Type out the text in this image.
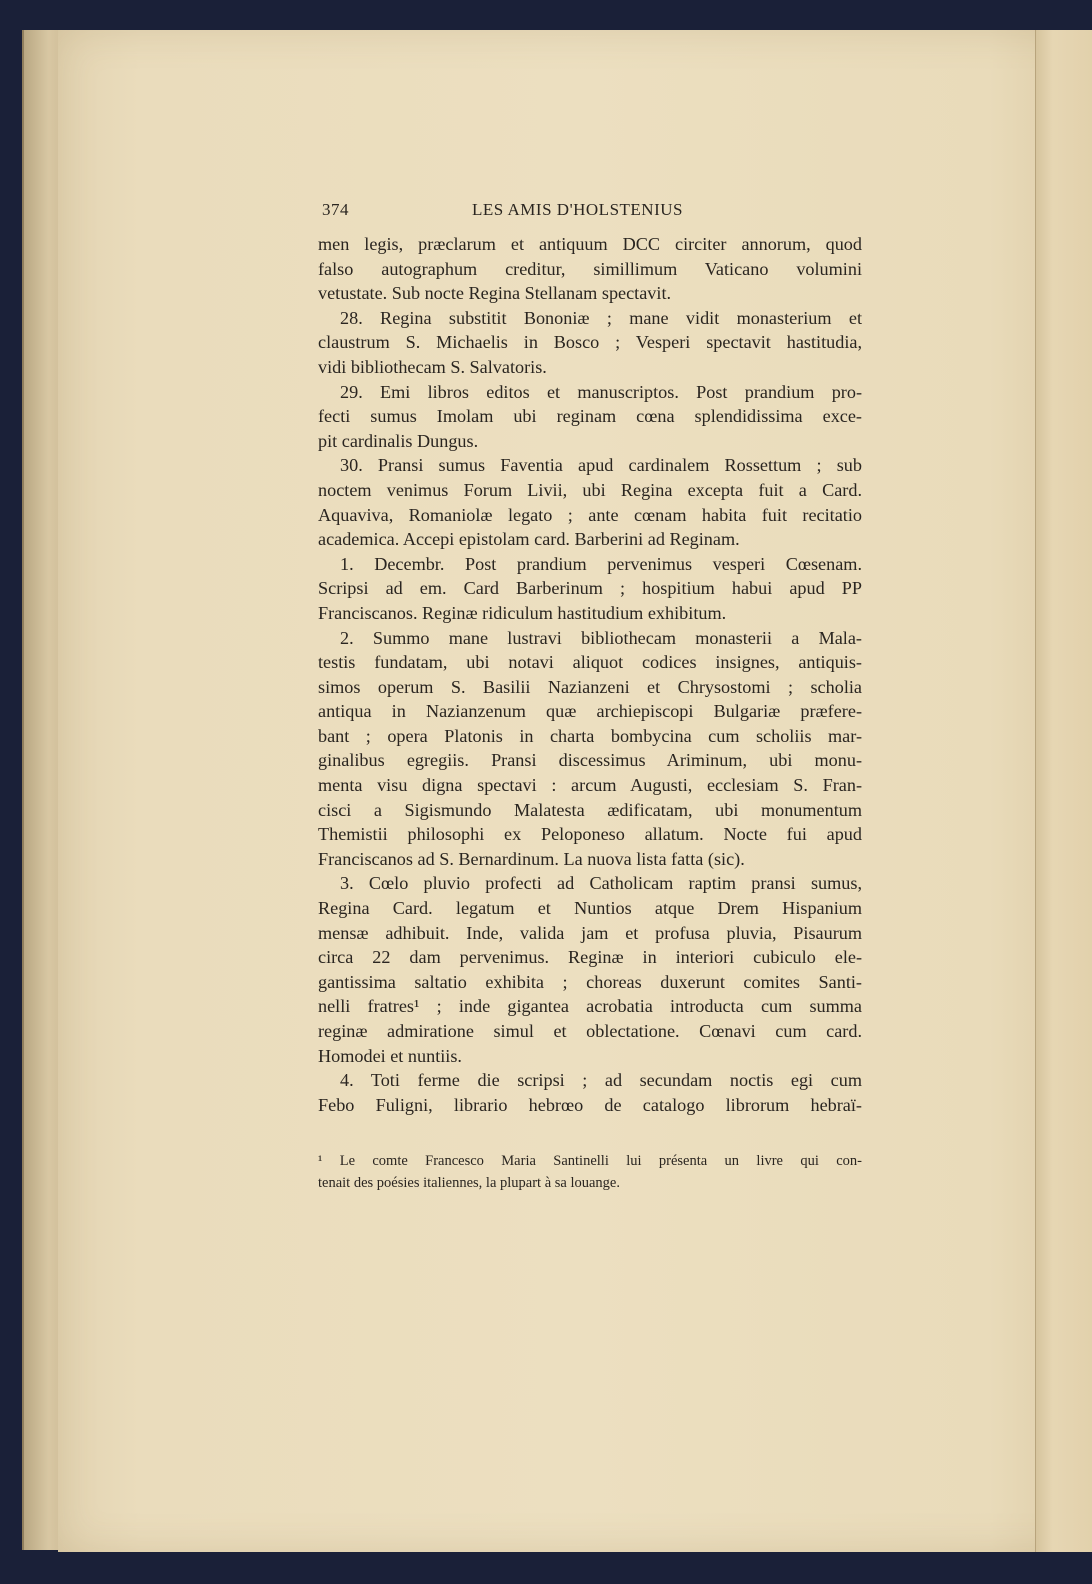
374	LES AMIS D'HOLSTENIUS
men legis, præclarum et antiquum DCC circiter annorum, quod
falso autographum creditur, simillimum Vaticano volumini
vetustate. Sub nocte Regina Stellanam spectavit.
28. Regina substitit Bononiæ ; mane vidit monasterium et
claustrum S. Michaelis in Bosco ; Vesperi spectavit hastitudia,
vidi bibliothecam S. Salvatoris.
29. Emi libros editos et manuscriptos. Post prandium pro-
fecti sumus Imolam ubi reginam cœna splendidissima exce-
pit cardinalis Dungus.
30. Pransi sumus Faventia apud cardinalem Rossettum ; sub
noctem venimus Forum Livii, ubi Regina excepta fuit a Card.
Aquaviva, Romaniolæ legato ; ante cœnam habita fuit recitatio
academica. Accepi epistolam card. Barberini ad Reginam.
1. Decembr. Post prandium pervenimus vesperi Cœsenam.
Scripsi ad em. Card Barberinum ; hospitium habui apud PP
Franciscanos. Reginæ ridiculum hastitudium exhibitum.
2. Summo mane lustravi bibliothecam monasterii a Mala-
testis fundatam, ubi notavi aliquot codices insignes, antiquis-
simos operum S. Basilii Nazianzeni et Chrysostomi ; scholia
antiqua in Nazianzenum quæ archiepiscopi Bulgariæ præfere-
bant ; opera Platonis in charta bombycina cum scholiis mar-
ginalibus egregiis. Pransi discessimus Ariminum, ubi monu-
menta visu digna spectavi : arcum Augusti, ecclesiam S. Fran-
cisci a Sigismundo Malatesta ædificatam, ubi monumentum
Themistii philosophi ex Peloponeso allatum. Nocte fui apud
Franciscanos ad S. Bernardinum. La nuova lista fatta (sic).
3. Cœlo pluvio profecti ad Catholicam raptim pransi sumus,
Regina Card. legatum et Nuntios atque Drem Hispanium
mensæ adhibuit. Inde, valida jam et profusa pluvia, Pisaurum
circa 22 dam pervenimus. Reginæ in interiori cubiculo ele-
gantissima saltatio exhibita ; choreas duxerunt comites Santi-
nelli fratres¹ ; inde gigantea acrobatia introducta cum summa
reginæ admiratione simul et oblectatione. Cœnavi cum card.
Homodei et nuntiis.
4. Toti ferme die scripsi ; ad secundam noctis egi cum
Febo Fuligni, librario hebrœo de catalogo librorum hebraï-
¹ Le comte Francesco Maria Santinelli lui présenta un livre qui con-
tenait des poésies italiennes, la plupart à sa louange.
